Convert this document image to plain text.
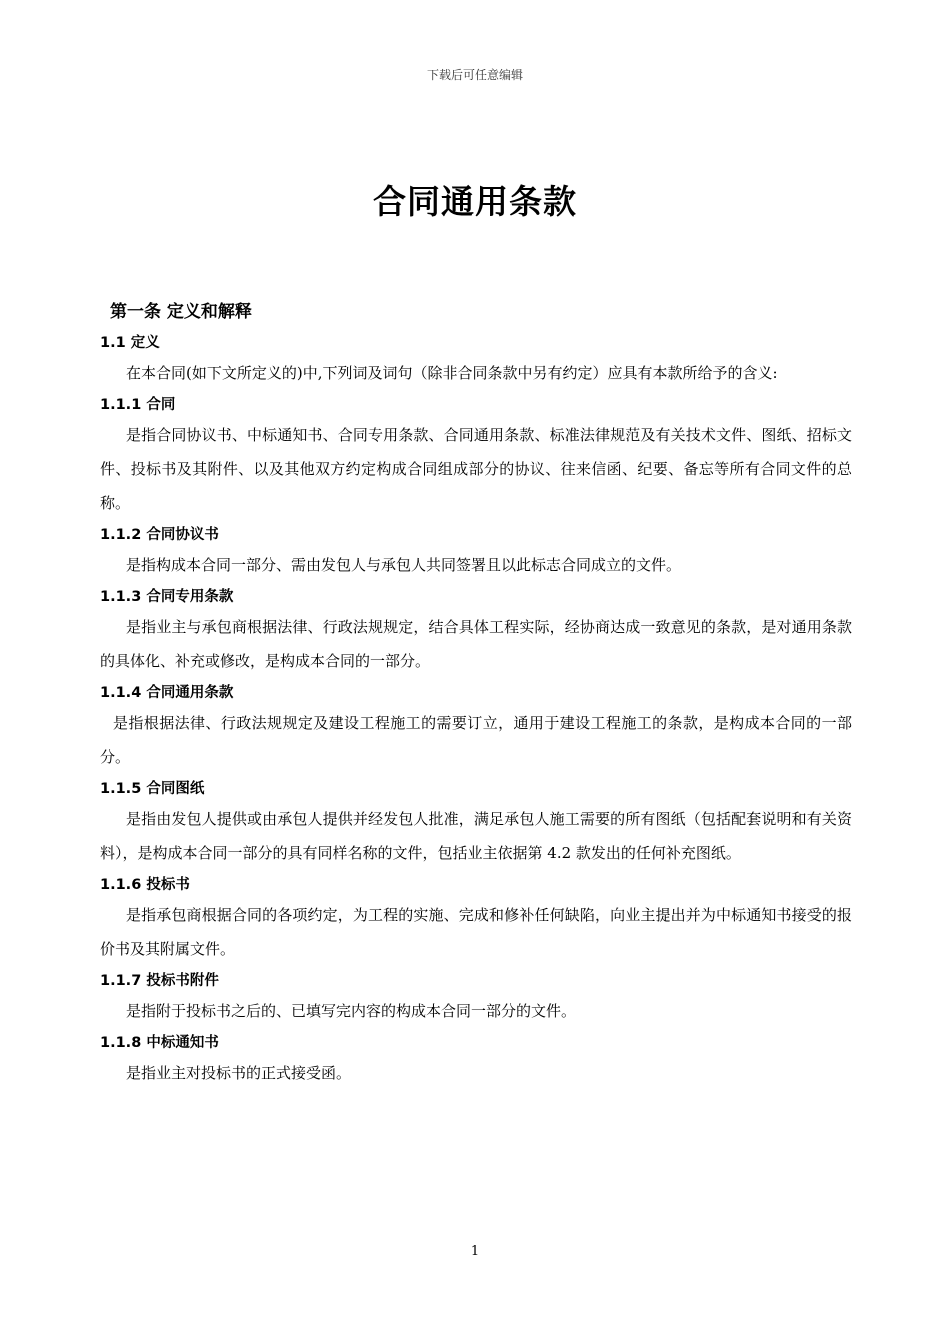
下载后可任意编辑
合同通用条款
第一条 定义和解释
1.1 定义

在本合同(如下文所定义的)中,下列词及词句（除非合同条款中另有约定）应具有本款所给予的含义:

1.1.1 合同

是指合同协议书、中标通知书、合同专用条款、合同通用条款、标准法律规范及有关技术文件、图纸、招标文件、投标书及其附件、以及其他双方约定构成合同组成部分的协议、往来信函、纪要、备忘等所有合同文件的总称。

1.1.2 合同协议书

是指构成本合同一部分、需由发包人与承包人共同签署且以此标志合同成立的文件。

1.1.3 合同专用条款

是指业主与承包商根据法律、行政法规规定，结合具体工程实际，经协商达成一致意见的条款，是对通用条款的具体化、补充或修改，是构成本合同的一部分。

1.1.4 合同通用条款

是指根据法律、行政法规规定及建设工程施工的需要订立，通用于建设工程施工的条款，是构成本合同的一部分。

1.1.5 合同图纸

是指由发包人提供或由承包人提供并经发包人批准，满足承包人施工需要的所有图纸（包括配套说明和有关资料），是构成本合同一部分的具有同样名称的文件，包括业主依据第 4.2 款发出的任何补充图纸。

1.1.6 投标书

是指承包商根据合同的各项约定，为工程的实施、完成和修补任何缺陷，向业主提出并为中标通知书接受的报价书及其附属文件。

1.1.7 投标书附件

是指附于投标书之后的、已填写完内容的构成本合同一部分的文件。

1.1.8 中标通知书

是指业主对投标书的正式接受函。

1
